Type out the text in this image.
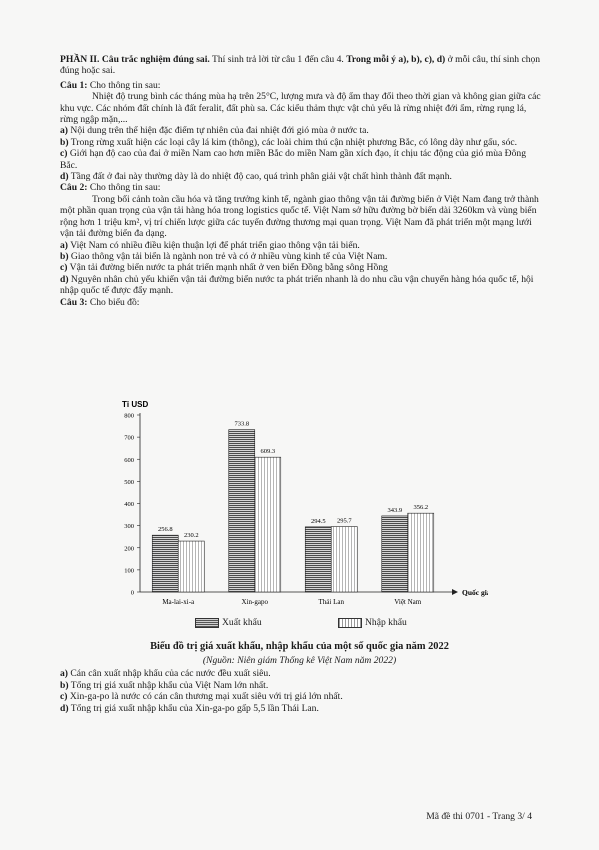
PHẦN II. Câu trắc nghiệm đúng sai. Thí sinh trả lời từ câu 1 đến câu 4. Trong mỗi ý a), b), c), d) ở mỗi câu, thí sinh chọn đúng hoặc sai.

Câu 1: Cho thông tin sau:

Nhiệt độ trung bình các tháng mùa hạ trên 25°C, lượng mưa và độ ẩm thay đổi theo thời gian và không gian giữa các khu vực. Các nhóm đất chính là đất feralit, đất phù sa. Các kiểu thảm thực vật chủ yếu là rừng nhiệt đới ẩm, rừng rụng lá, rừng ngập mặn,...

a) Nội dung trên thể hiện đặc điểm tự nhiên của đai nhiệt đới gió mùa ở nước ta.

b) Trong rừng xuất hiện các loại cây lá kim (thông), các loài chim thú cận nhiệt phương Bắc, có lông dày như gấu, sóc.

c) Giới hạn độ cao của đai ở miền Nam cao hơn miền Bắc do miền Nam gần xích đạo, ít chịu tác động của gió mùa Đông Bắc.

d) Tầng đất ở đai này thường dày là do nhiệt độ cao, quá trình phân giải vật chất hình thành đất mạnh.

Câu 2: Cho thông tin sau:

Trong bối cảnh toàn cầu hóa và tăng trưởng kinh tế, ngành giao thông vận tải đường biển ở Việt Nam đang trở thành một phần quan trọng của vận tải hàng hóa trong logistics quốc tế. Việt Nam sở hữu đường bờ biển dài 3260km và vùng biển rộng hơn 1 triệu km², vị trí chiến lược giữa các tuyến đường thương mại quan trọng. Việt Nam đã phát triển một mạng lưới vận tải đường biển đa dạng.

a) Việt Nam có nhiều điều kiện thuận lợi để phát triển giao thông vận tải biển.

b) Giao thông vận tải biển là ngành non trẻ và có ở nhiều vùng kinh tế của Việt Nam.

c) Vận tải đường biển nước ta phát triển mạnh nhất ở ven biển Đồng bằng sông Hồng

d) Nguyên nhân chủ yếu khiến vận tải đường biển nước ta phát triển nhanh là do nhu cầu vận chuyển hàng hóa quốc tế, hội nhập quốc tế được đẩy mạnh.

Câu 3: Cho biểu đồ:

Tỉ USD
0
100
200
300
400
500
600
700
800
Quốc gia
256.8
230.2
Ma-lai-xi-a
733.8
609.3
Xin-gapo
294.5 295.7
Thái Lan
343.9 356.2
Việt Nam
Xuất khẩu	Nhập khẩu
Biểu đồ trị giá xuất khẩu, nhập khẩu của một số quốc gia năm 2022
(Nguồn: Niên giám Thống kê Việt Nam năm 2022)

a) Cán cân xuất nhập khẩu của các nước đều xuất siêu.

b) Tổng trị giá xuất nhập khẩu của Việt Nam lớn nhất.

c) Xin-ga-po là nước có cán cân thương mại xuất siêu với trị giá lớn nhất.

d) Tổng trị giá xuất nhập khẩu của Xin-ga-po gấp 5,5 lần Thái Lan.

Mã đề thi 0701 - Trang 3/ 4
